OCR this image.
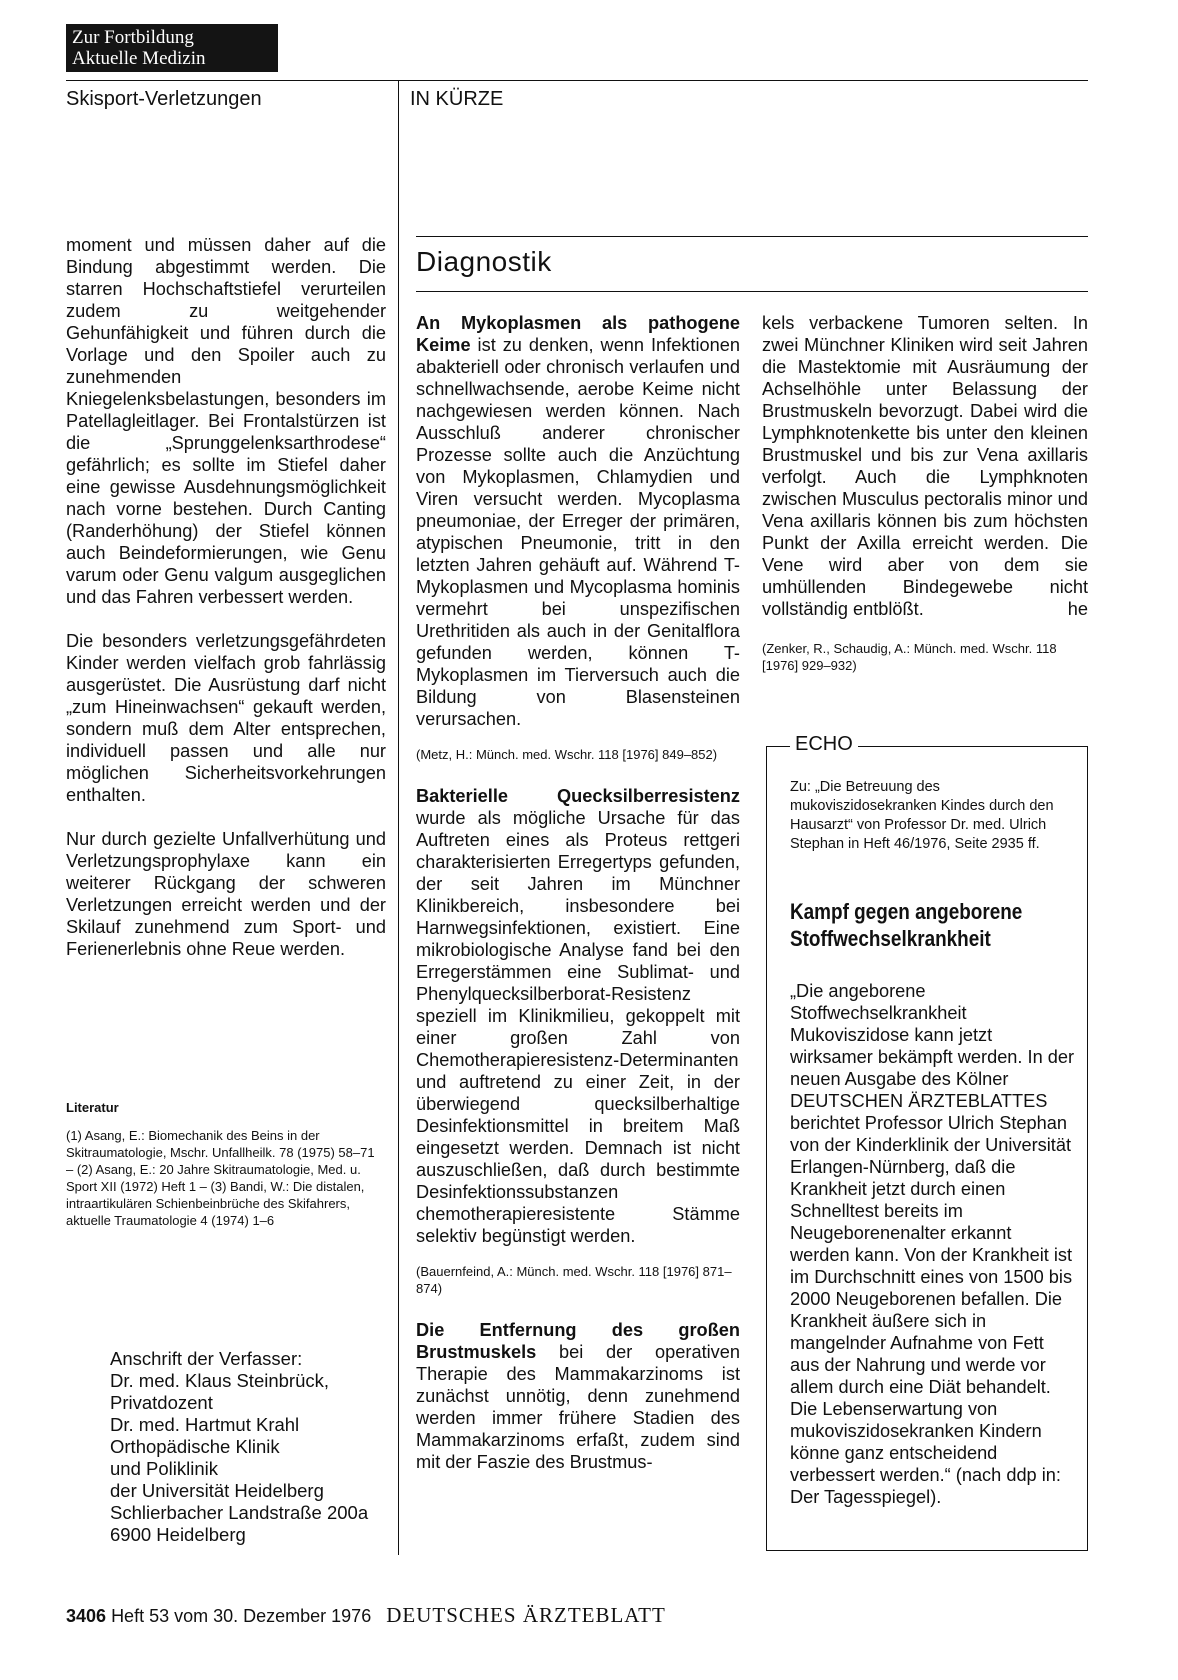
Zur Fortbildung
Aktuelle Medizin
Skisport-Verletzungen	IN KÜRZE

moment und müssen daher auf die Bindung abgestimmt werden. Die starren Hochschaftstiefel verurteilen zudem zu weitgehender Gehunfähigkeit und führen durch die Vorlage und den Spoiler auch zu zunehmenden Kniegelenksbelastungen, besonders im Patellagleitlager. Bei Frontalstürzen ist die „Sprunggelenksarthrodese“ gefährlich; es sollte im Stiefel daher eine gewisse Ausdehnungsmöglichkeit nach vorne bestehen. Durch Canting (Randerhöhung) der Stiefel können auch Beindeformierungen, wie Genu varum oder Genu valgum ausgeglichen und das Fahren verbessert werden.

Die besonders verletzungsgefährdeten Kinder werden vielfach grob fahrlässig ausgerüstet. Die Ausrüstung darf nicht „zum Hineinwachsen“ gekauft werden, sondern muß dem Alter entsprechen, individuell passen und alle nur möglichen Sicherheitsvorkehrungen enthalten.

Nur durch gezielte Unfallverhütung und Verletzungsprophylaxe kann ein weiterer Rückgang der schweren Verletzungen erreicht werden und der Skilauf zunehmend zum Sport- und Ferienerlebnis ohne Reue werden.

Literatur
(1) Asang, E.: Biomechanik des Beins in der Skitraumatologie, Mschr. Unfallheilk. 78 (1975) 58–71 – (2) Asang, E.: 20 Jahre Skitraumatologie, Med. u. Sport XII (1972) Heft 1 – (3) Bandi, W.: Die distalen, intraartikulären Schienbeinbrüche des Skifahrers, aktuelle Traumatologie 4 (1974) 1–6
Anschrift der Verfasser:
Dr. med. Klaus Steinbrück,
Privatdozent
Dr. med. Hartmut Krahl
Orthopädische Klinik
und Poliklinik
der Universität Heidelberg
Schlierbacher Landstraße 200a
6900 Heidelberg
Diagnostik

An Mykoplasmen als pathogene Keime ist zu denken, wenn Infektionen abakteriell oder chronisch verlaufen und schnellwachsende, aerobe Keime nicht nachgewiesen werden können. Nach Ausschluß anderer chronischer Prozesse sollte auch die Anzüchtung von Mykoplasmen, Chlamydien und Viren versucht werden. Mycoplasma pneumoniae, der Erreger der primären, atypischen Pneumonie, tritt in den letzten Jahren gehäuft auf. Während T-Mykoplasmen und Mycoplasma hominis vermehrt bei unspezifischen Urethritiden als auch in der Genitalflora gefunden werden, können T-Mykoplasmen im Tierversuch auch die Bildung von Blasensteinen verursachen.

(Metz, H.: Münch. med. Wschr. 118 [1976] 849–852)

Bakterielle Quecksilberresistenz wurde als mögliche Ursache für das Auftreten eines als Proteus rettgeri charakterisierten Erregertyps gefunden, der seit Jahren im Münchner Klinikbereich, insbesondere bei Harnwegsinfektionen, existiert. Eine mikrobiologische Analyse fand bei den Erregerstämmen eine Sublimat- und Phenylquecksilberborat-Resistenz speziell im Klinikmilieu, gekoppelt mit einer großen Zahl von Chemotherapieresistenz-Determinanten und auftretend zu einer Zeit, in der überwiegend quecksilberhaltige Desinfektionsmittel in breitem Maß eingesetzt werden. Demnach ist nicht auszuschließen, daß durch bestimmte Desinfektionssubstanzen chemotherapieresistente Stämme selektiv begünstigt werden.

(Bauernfeind, A.: Münch. med. Wschr. 118 [1976] 871–874)

Die Entfernung des großen Brustmuskels bei der operativen Therapie des Mammakarzinoms ist zunächst unnötig, denn zunehmend werden immer frühere Stadien des Mammakarzinoms erfaßt, zudem sind mit der Faszie des Brustmus-

kels verbackene Tumoren selten. In zwei Münchner Kliniken wird seit Jahren die Mastektomie mit Ausräumung der Achselhöhle unter Belassung der Brustmuskeln bevorzugt. Dabei wird die Lymphknotenkette bis unter den kleinen Brustmuskel und bis zur Vena axillaris verfolgt. Auch die Lymphknoten zwischen Musculus pectoralis minor und Vena axillaris können bis zum höchsten Punkt der Axilla erreicht werden. Die Vene wird aber von dem sie umhüllenden Bindegewebe nicht vollständig entblößt.	he

(Zenker, R., Schaudig, A.: Münch. med. Wschr. 118 [1976] 929–932)

ECHO
Zu: „Die Betreuung des mukoviszidosekranken Kindes durch den Hausarzt“ von Professor Dr. med. Ulrich Stephan in Heft 46/1976, Seite 2935 ff.
Kampf gegen angeborene Stoffwechselkrankheit
„Die angeborene Stoffwechselkrankheit Mukoviszidose kann jetzt wirksamer bekämpft werden. In der neuen Ausgabe des Kölner DEUTSCHEN ÄRZTEBLATTES berichtet Professor Ulrich Stephan von der Kinderklinik der Universität Erlangen-Nürnberg, daß die Krankheit jetzt durch einen Schnelltest bereits im Neugeborenenalter erkannt werden kann. Von der Krankheit ist im Durchschnitt eines von 1500 bis 2000 Neugeborenen befallen. Die Krankheit äußere sich in mangelnder Aufnahme von Fett aus der Nahrung und werde vor allem durch eine Diät behandelt. Die Lebenserwartung von mukoviszidosekranken Kindern könne ganz entscheidend verbessert werden.“ (nach ddp in: Der Tagesspiegel).
3406 Heft 53 vom 30. Dezember 1976 DEUTSCHES ÄRZTEBLATT
